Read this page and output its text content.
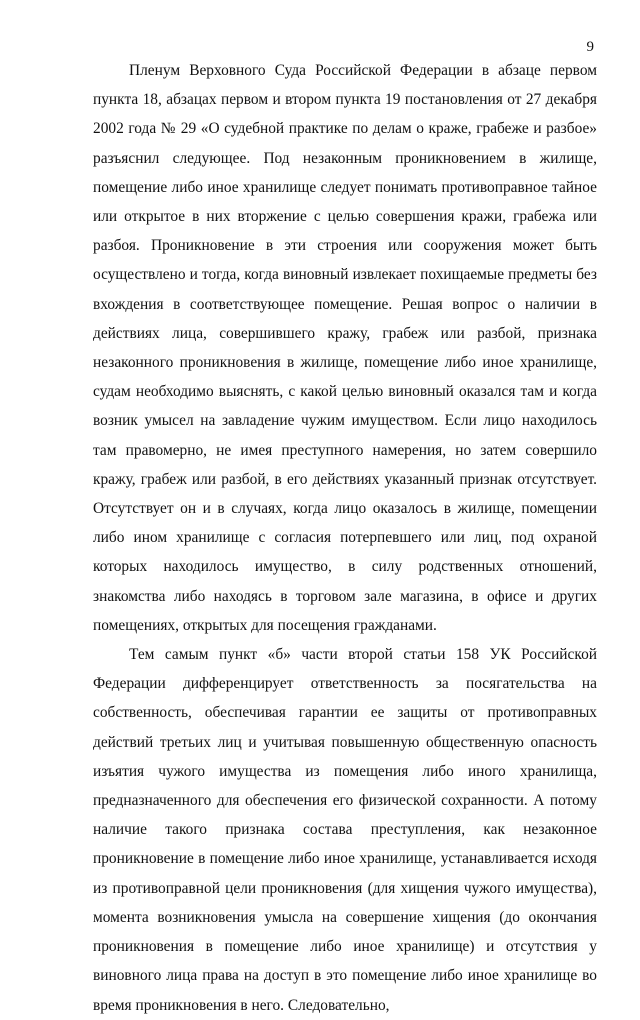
9

Пленум Верховного Суда Российской Федерации в абзаце первом пункта 18, абзацах первом и втором пункта 19 постановления от 27 декабря 2002 года № 29 «О судебной практике по делам о краже, грабеже и разбое» разъяснил следующее. Под незаконным проникновением в жилище, помещение либо иное хранилище следует понимать противоправное тайное или открытое в них вторжение с целью совершения кражи, грабежа или разбоя. Проникновение в эти строения или сооружения может быть осуществлено и тогда, когда виновный извлекает похищаемые предметы без вхождения в соответствующее помещение. Решая вопрос о наличии в действиях лица, совершившего кражу, грабеж или разбой, признака незаконного проникновения в жилище, помещение либо иное хранилище, судам необходимо выяснять, с какой целью виновный оказался там и когда возник умысел на завладение чужим имуществом. Если лицо находилось там правомерно, не имея преступного намерения, но затем совершило кражу, грабеж или разбой, в его действиях указанный признак отсутствует. Отсутствует он и в случаях, когда лицо оказалось в жилище, помещении либо ином хранилище с согласия потерпевшего или лиц, под охраной которых находилось имущество, в силу родственных отношений, знакомства либо находясь в торговом зале магазина, в офисе и других помещениях, открытых для посещения гражданами.

Тем самым пункт «б» части второй статьи 158 УК Российской Федерации дифференцирует ответственность за посягательства на собственность, обеспечивая гарантии ее защиты от противоправных действий третьих лиц и учитывая повышенную общественную опасность изъятия чужого имущества из помещения либо иного хранилища, предназначенного для обеспечения его физической сохранности. А потому наличие такого признака состава преступления, как незаконное проникновение в помещение либо иное хранилище, устанавливается исходя из противоправной цели проникновения (для хищения чужого имущества), момента возникновения умысла на совершение хищения (до окончания проникновения в помещение либо иное хранилище) и отсутствия у виновного лица права на доступ в это помещение либо иное хранилище во время проникновения в него. Следовательно,
